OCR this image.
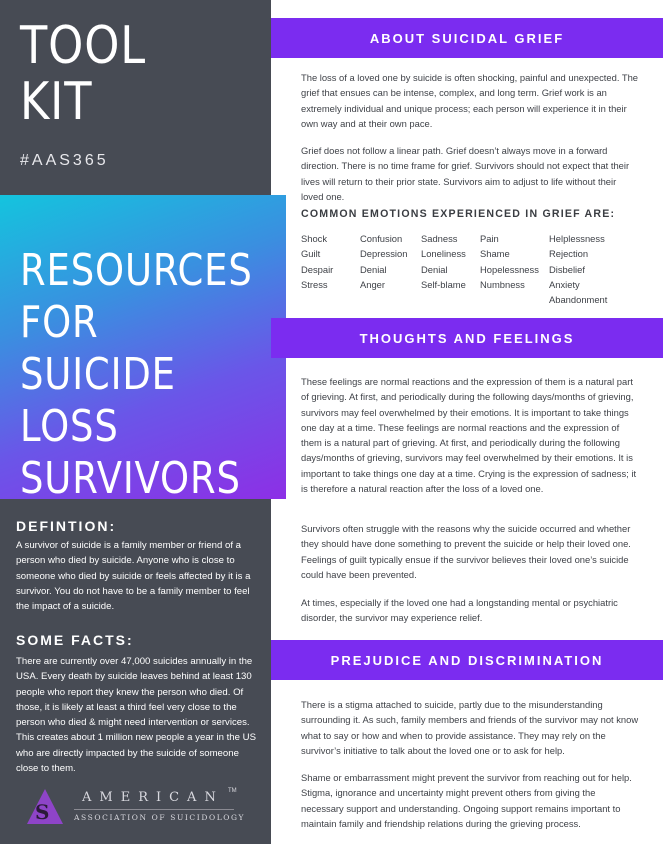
TOOL
KIT
#AAS365
DEFINTION:
A survivor of suicide is a family member or friend of a person who died by suicide. Anyone who is close to someone who died by suicide or feels affected by it is a survivor. You do not have to be a family member to feel the impact of a suicide.
SOME FACTS:
There are currently over 47,000 suicides annually in the USA. Every death by suicide leaves behind at least 130 people who report they knew the person who died. Of those, it is likely at least a third feel very close to the person who died & might need intervention or services. This creates about 1 million new people a year in the US who are directly impacted by the suicide of someone close to them.
S
AMERICAN TM
ASSOCIATION OF SUICIDOLOGY
RESOURCES
FOR SUICIDE
LOSS
SURVIVORS
ABOUT SUICIDAL GRIEF
The loss of a loved one by suicide is often shocking, painful and unexpected. The grief that ensues can be intense, complex, and long term. Grief work is an extremely individual and unique process; each person will experience it in their own way and at their own pace.
Grief does not follow a linear path. Grief doesn’t always move in a forward direction. There is no time frame for grief. Survivors should not expect that their lives will return to their prior state. Survivors aim to adjust to life without their loved one.
COMMON EMOTIONS EXPERIENCED IN GRIEF ARE:
Shock
Guilt
Despair
Stress
Confusion
Depression
Denial
Anger
Sadness
Loneliness
Denial
Self-blame
Pain
Shame
Hopelessness
Numbness
Helplessness
Rejection
Disbelief
Anxiety
Abandonment
THOUGHTS AND FEELINGS
These feelings are normal reactions and the expression of them is a natural part of grieving. At first, and periodically during the following days/months of grieving, survivors may feel overwhelmed by their emotions. It is important to take things one day at a time. These feelings are normal reactions and the expression of them is a natural part of grieving. At first, and periodically during the following days/months of grieving, survivors may feel overwhelmed by their emotions. It is important to take things one day at a time. Crying is the expression of sadness; it is therefore a natural reaction after the loss of a loved one.
Survivors often struggle with the reasons why the suicide occurred and whether they should have done something to prevent the suicide or help their loved one. Feelings of guilt typically ensue if the survivor believes their loved one’s suicide could have been prevented.
At times, especially if the loved one had a longstanding mental or psychiatric disorder, the survivor may experience relief.
PREJUDICE AND DISCRIMINATION
There is a stigma attached to suicide, partly due to the misunderstanding surrounding it. As such, family members and friends of the survivor may not know what to say or how and when to provide assistance. They may rely on the survivor’s initiative to talk about the loved one or to ask for help.
Shame or embarrassment might prevent the survivor from reaching out for help. Stigma, ignorance and uncertainty might prevent others from giving the necessary support and understanding. Ongoing support remains important to maintain family and friendship relations during the grieving process.
